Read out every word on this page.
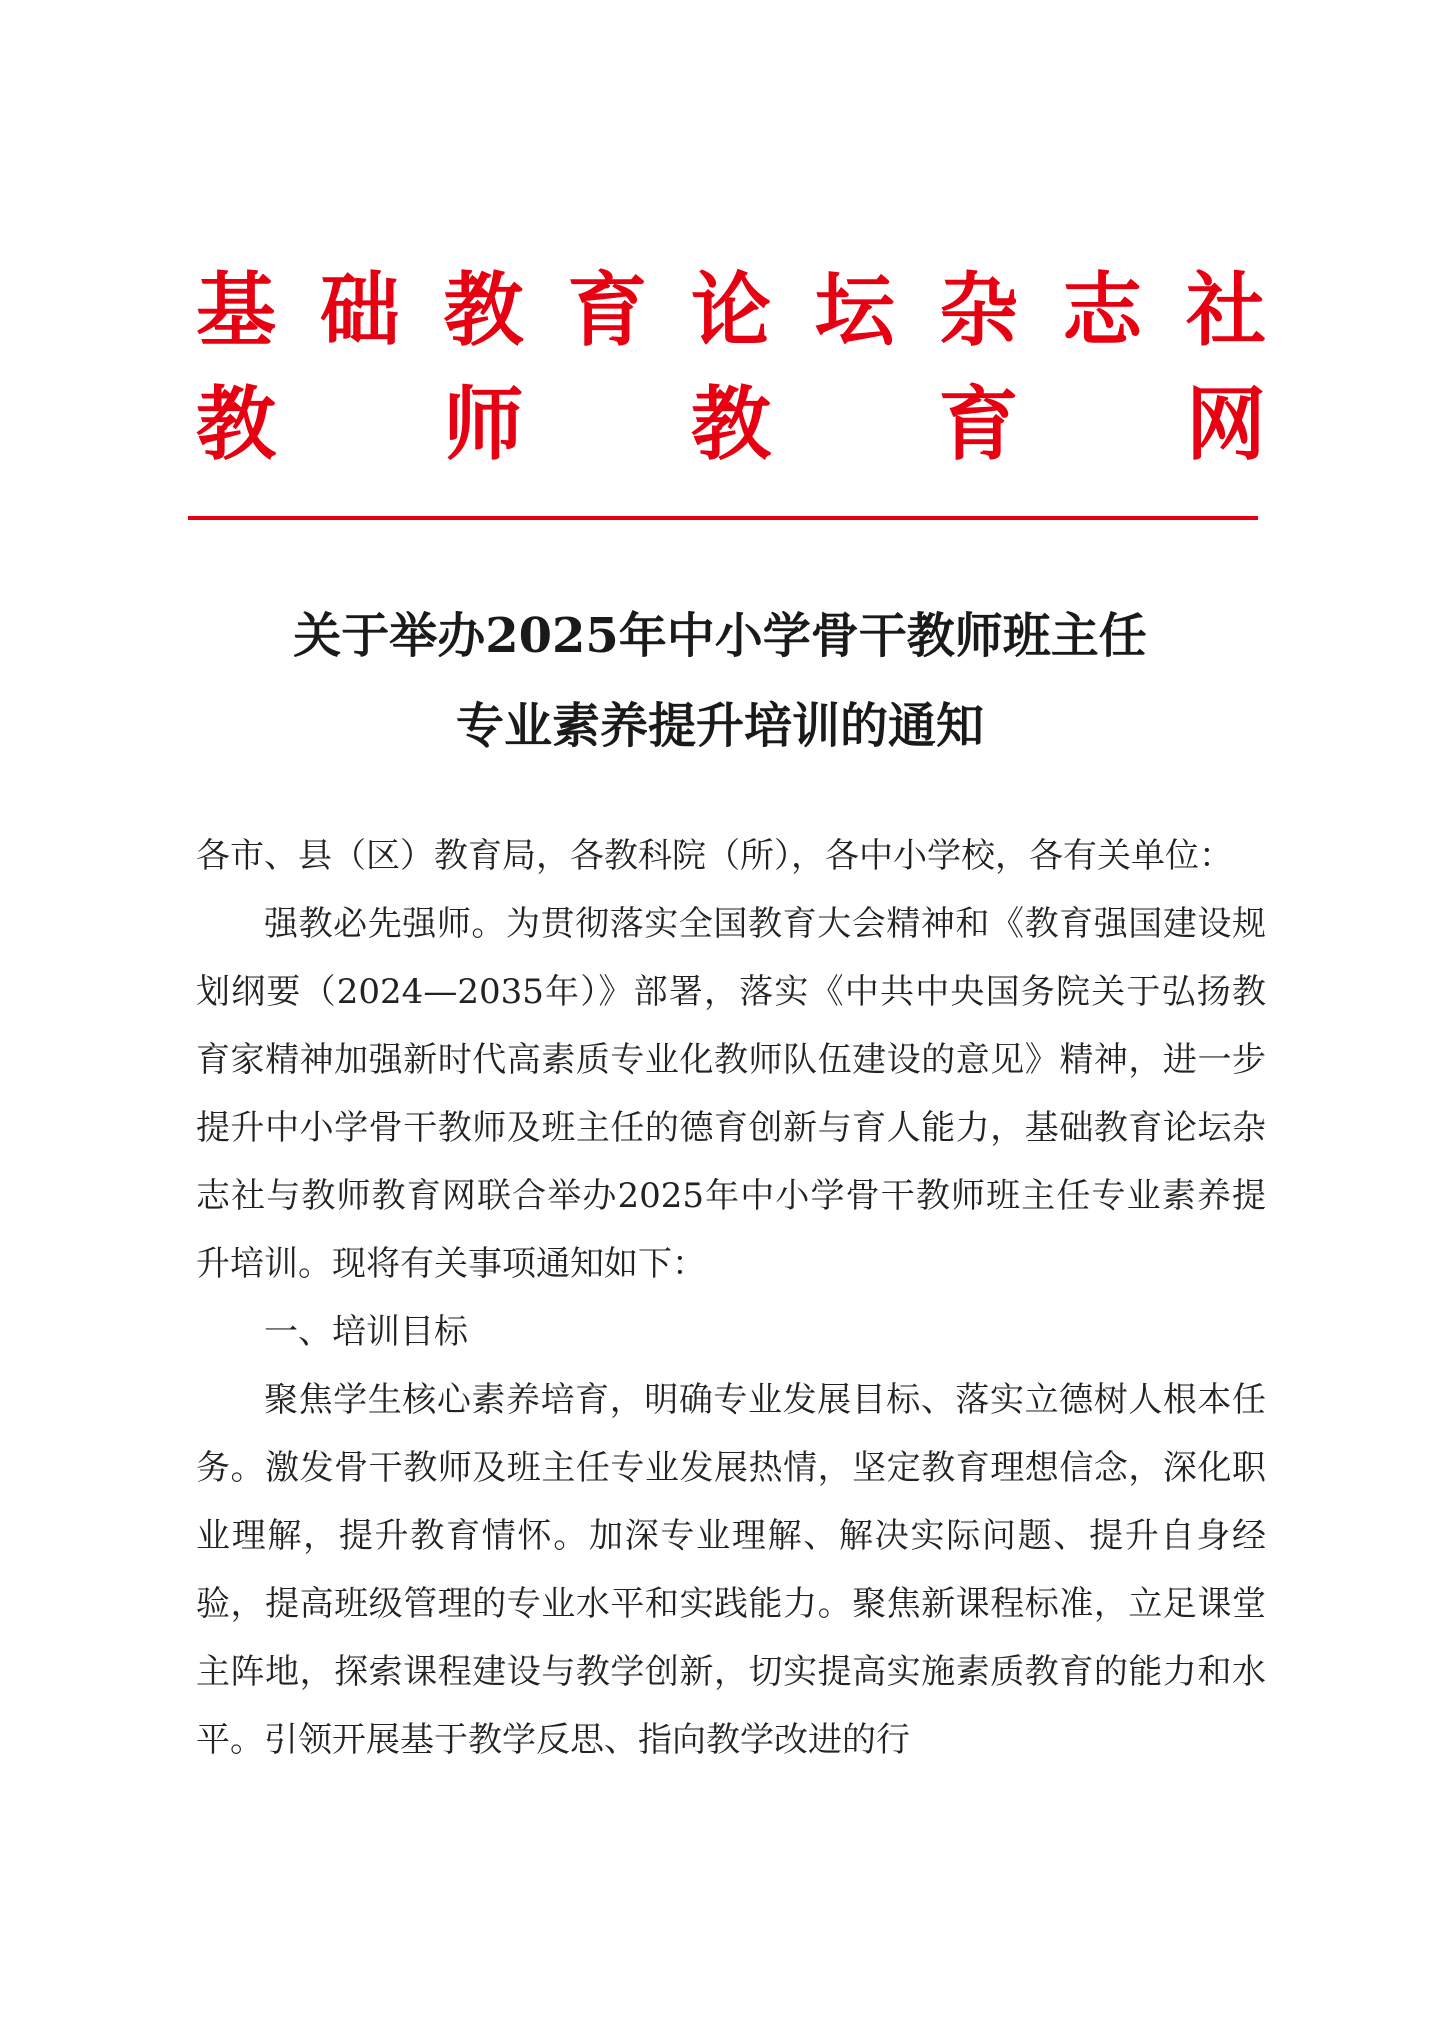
基 础 教 育 论 坛 杂 志 社
教 师 教 育 网
关于举办2025年中小学骨干教师班主任
专业素养提升培训的通知

各市、县（区）教育局，各教科院（所），各中小学校，各有关单位：

强教必先强师。为贯彻落实全国教育大会精神和《教育强国建设规划纲要（2024—2035年）》部署，落实《中共中央国务院关于弘扬教育家精神加强新时代高素质专业化教师队伍建设的意见》精神，进一步提升中小学骨干教师及班主任的德育创新与育人能力，基础教育论坛杂志社与教师教育网联合举办2025年中小学骨干教师班主任专业素养提升培训。现将有关事项通知如下：

一、培训目标

聚焦学生核心素养培育，明确专业发展目标、落实立德树人根本任务。激发骨干教师及班主任专业发展热情，坚定教育理想信念，深化职业理解，提升教育情怀。加深专业理解、解决实际问题、提升自身经验，提高班级管理的专业水平和实践能力。聚焦新课程标准，立足课堂主阵地，探索课程建设与教学创新，切实提高实施素质教育的能力和水平。引领开展基于教学反思、指向教学改进的行
